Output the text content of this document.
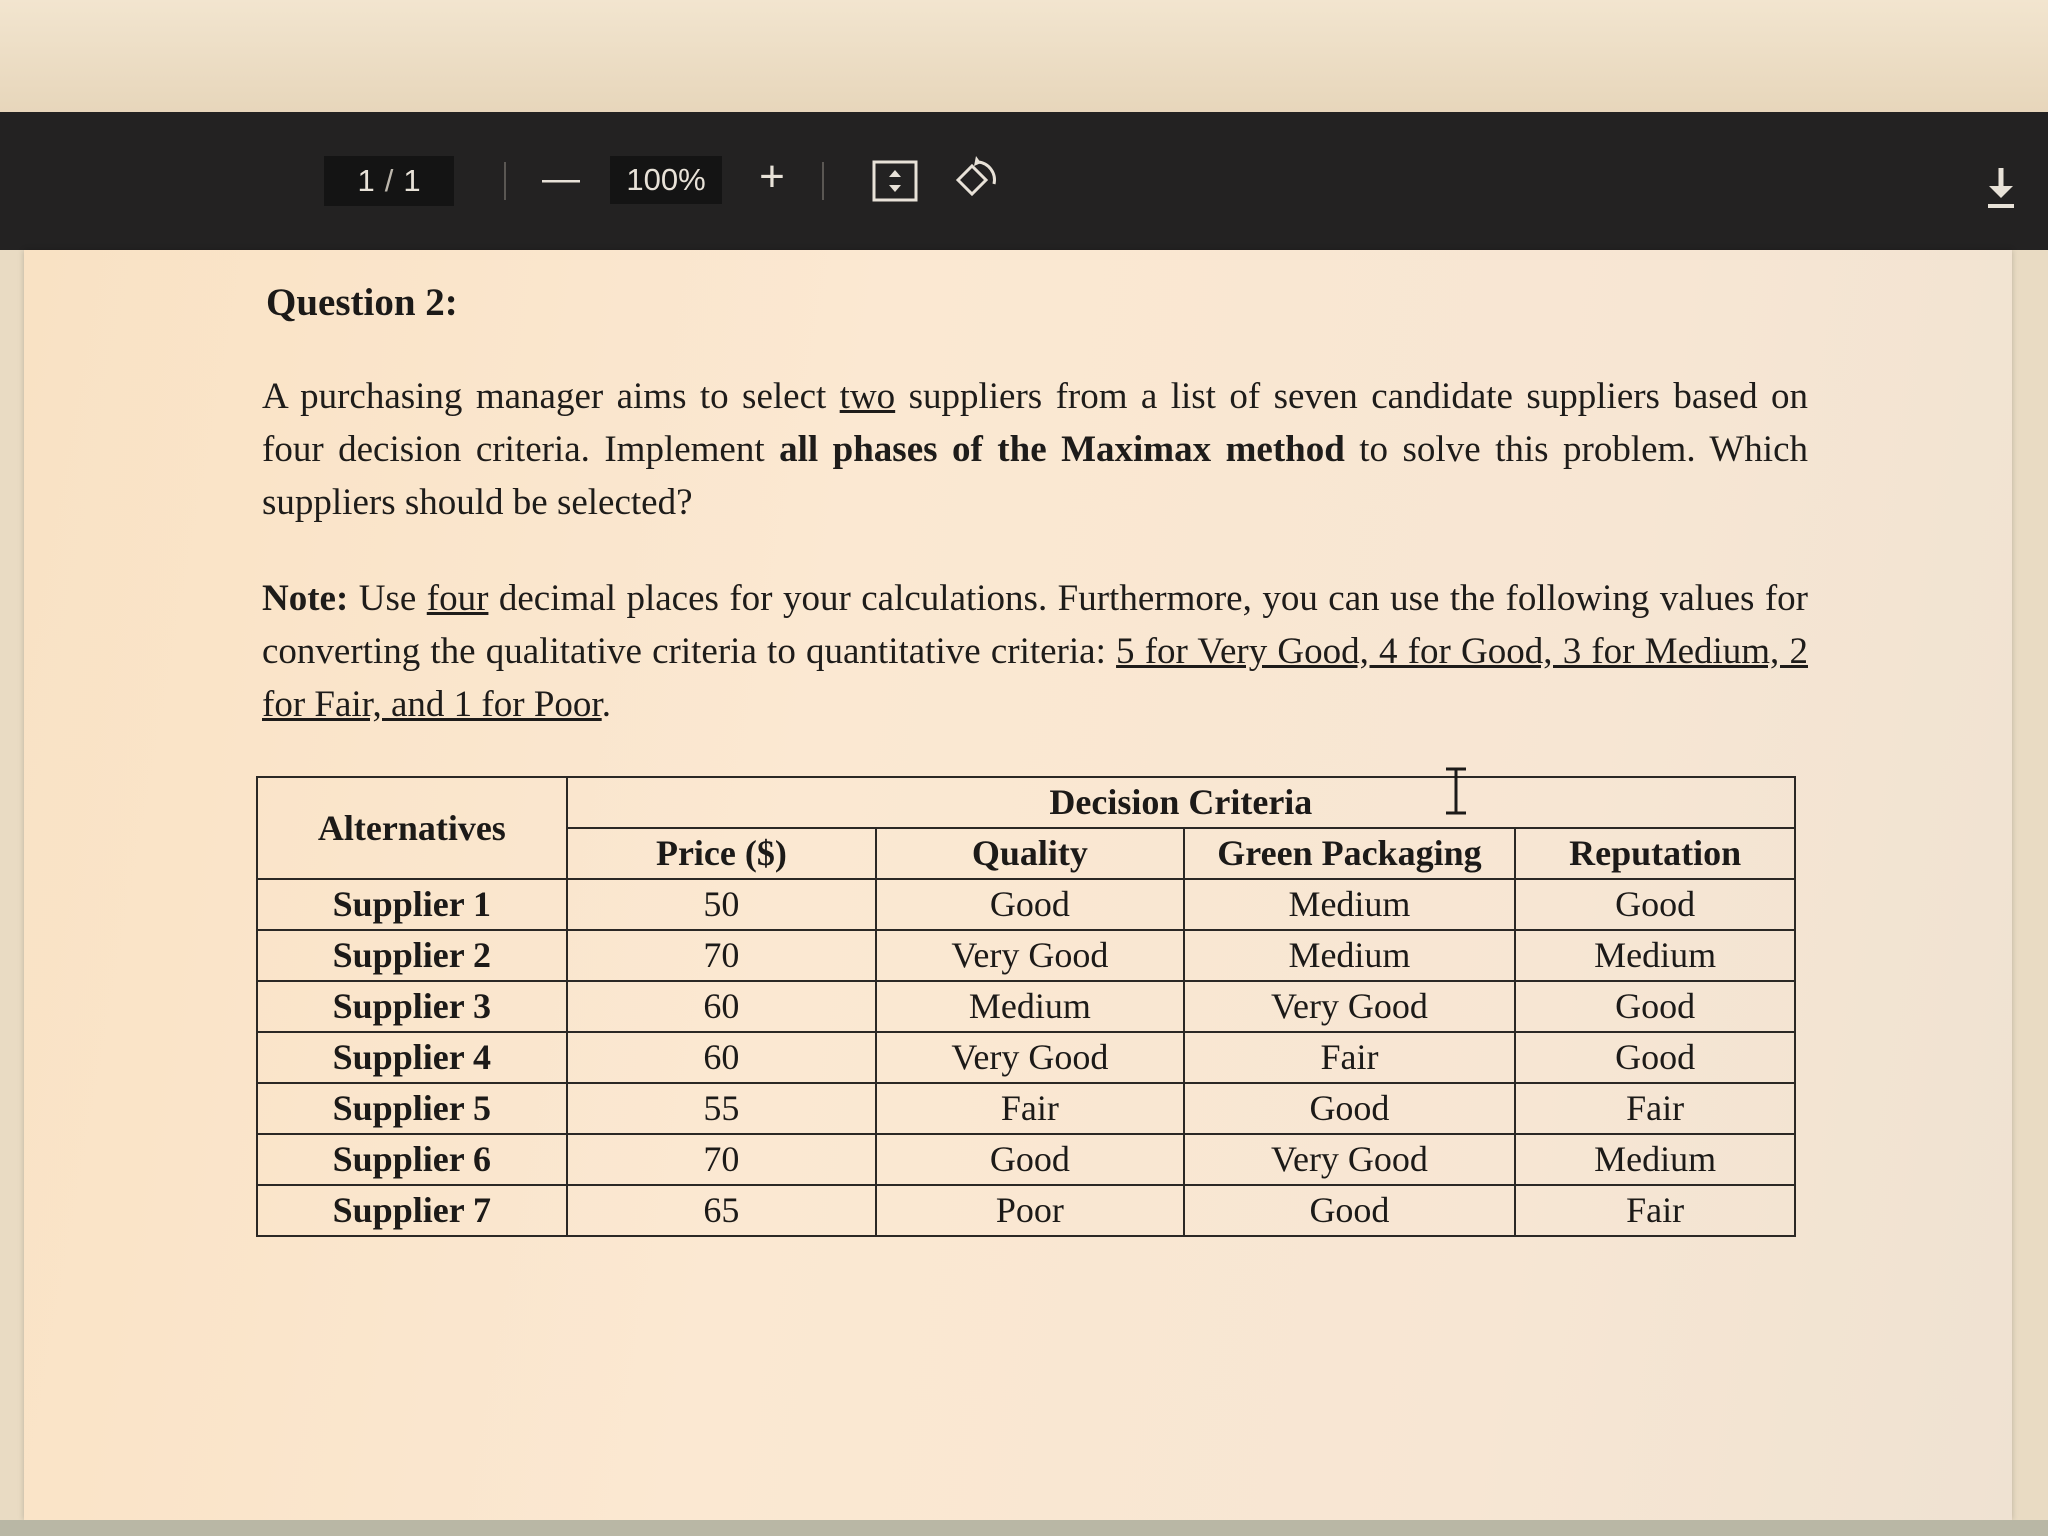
1 / 1	—	100%	+
Question 2:

A purchasing manager aims to select two suppliers from a list of seven candidate suppliers based on four decision criteria. Implement all phases of the Maximax method to solve this problem. Which suppliers should be selected?

Note: Use four decimal places for your calculations. Furthermore, you can use the following values for converting the qualitative criteria to quantitative criteria: 5 for Very Good, 4 for Good, 3 for Medium, 2 for Fair, and 1 for Poor.

Alternatives	Decision Criteria			
	Price ($)	Quality	Green Packaging	Reputation
Supplier 1	50	Good	Medium	Good
Supplier 2	70	Very Good	Medium	Medium
Supplier 3	60	Medium	Very Good	Good
Supplier 4	60	Very Good	Fair	Good
Supplier 5	55	Fair	Good	Fair
Supplier 6	70	Good	Very Good	Medium
Supplier 7	65	Poor	Good	Fair
